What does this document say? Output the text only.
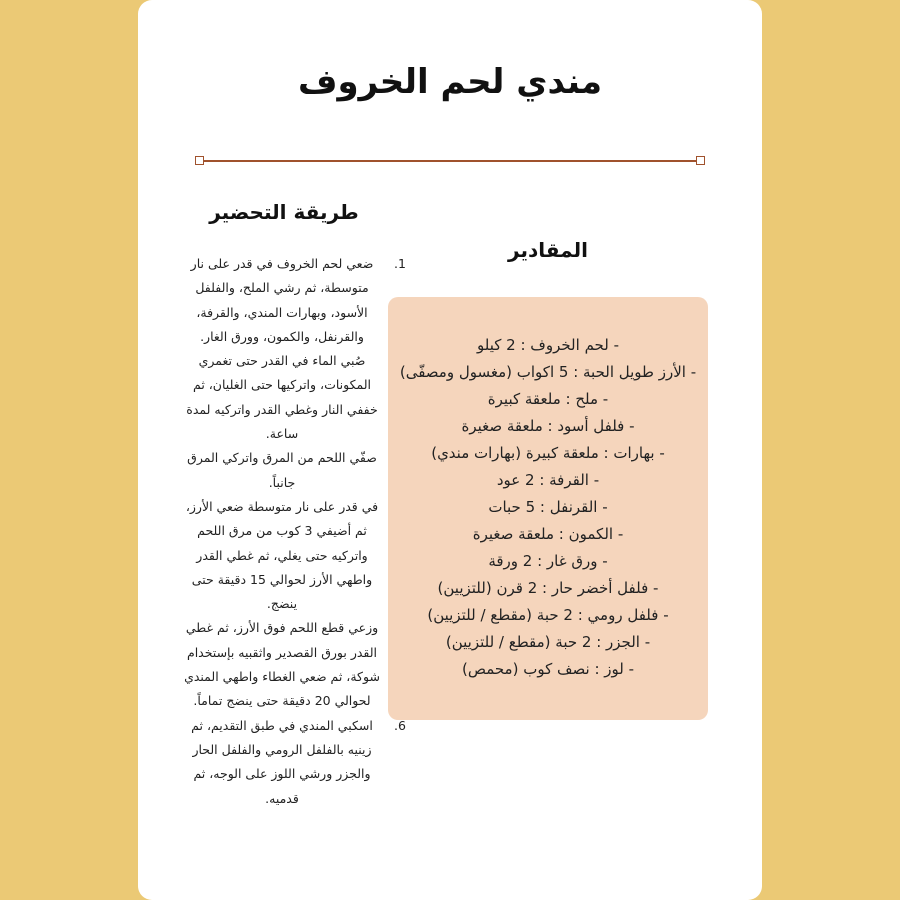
مندي لحم الخروف
طريقة التحضير
1. ضعي لحم الخروف في قدر على نار متوسطة، ثم رشي الملح، والفلفل الأسود، وبهارات المندي، والقرفة، والقرنفل، والكمون، وورق الغار.
2. صُبي الماء في القدر حتى تغمري المكونات، واتركيها حتى الغليان، ثم خففي النار وغطي القدر واتركيه لمدة ساعة.
3. صفّي اللحم من المرق واتركي المرق جانباً.
4. في قدر على نار متوسطة ضعي الأرز، ثم أضيفي 3 كوب من مرق اللحم واتركيه حتى يغلي، ثم غطي القدر واطهي الأرز لحوالي 15 دقيقة حتى ينضج.
5. وزعي قطع اللحم فوق الأرز، ثم غطي القدر بورق القصدير واثقبيه بإستخدام شوكة، ثم ضعي الغطاء واطهي المندي لحوالي 20 دقيقة حتى ينضج تماماً.
6. اسكبي المندي في طبق التقديم، ثم زينيه بالفلفل الرومي والفلفل الحار والجزر ورشي اللوز على الوجه، ثم قدميه.
المقادير
- لحم الخروف : 2 كيلو
- الأرز طويل الحبة : 5 اكواب (مغسول ومصفّى)
- ملح : ملعقة كبيرة
- فلفل أسود : ملعقة صغيرة
- بهارات : ملعقة كبيرة (بهارات مندي)
- القرفة : 2 عود
- القرنفل : 5 حبات
- الكمون : ملعقة صغيرة
- ورق غار : 2 ورقة
- فلفل أخضر حار : 2 قرن (للتزيين)
- فلفل رومي : 2 حبة (مقطع / للتزيين)
- الجزر : 2 حبة (مقطع / للتزيين)
- لوز : نصف كوب (محمص)
